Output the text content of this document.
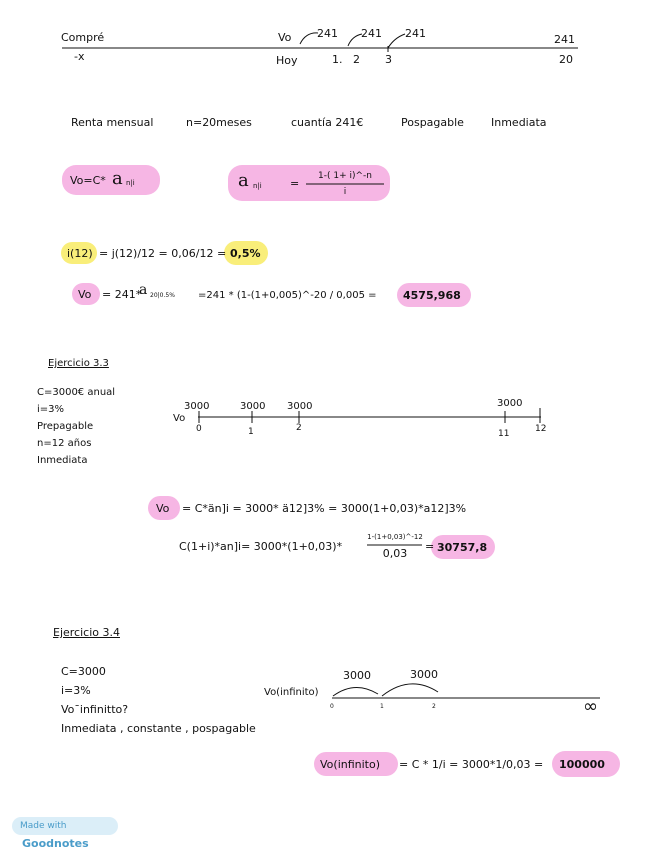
Compré
-x
Vo
Hoy
241 241 241	241
1. 2 3	20
Renta mensual	n=20meses	cuantía 241€	Pospagable Inmediata
Vo=C* a n|i	a n|i	=
1-( 1+ i)^-n
i
i(12) = j(12)/12 = 0,06/12 = 0,5%
Vo = 241*
a 20|0.5% =241 * (1-(1+0,005)^-20 / 0,005 = 4575,968
Ejercicio 3.3
C=3000€ anual
i=3%
Prepagable
n=12 años
Inmediata
3000	3000 3000	3000
Vo
0	1	2
11	12
Vo = C*än]i = 3000* ä12]3% = 3000(1+0,03)*a12]3%
C(1+i)*an]i= 3000*(1+0,03)*
1-(1+0,03)^-12
0,03
= 30757,8
Ejercicio 3.4
C=3000
i=3%
Vo¯infinitto?
Inmediata , constante , pospagable
3000	3000
Vo(infinito)
0	1	2	∞
Vo(infinito) = C * 1/i = 3000*1/0,03 = 100000
Made with Goodnotes
